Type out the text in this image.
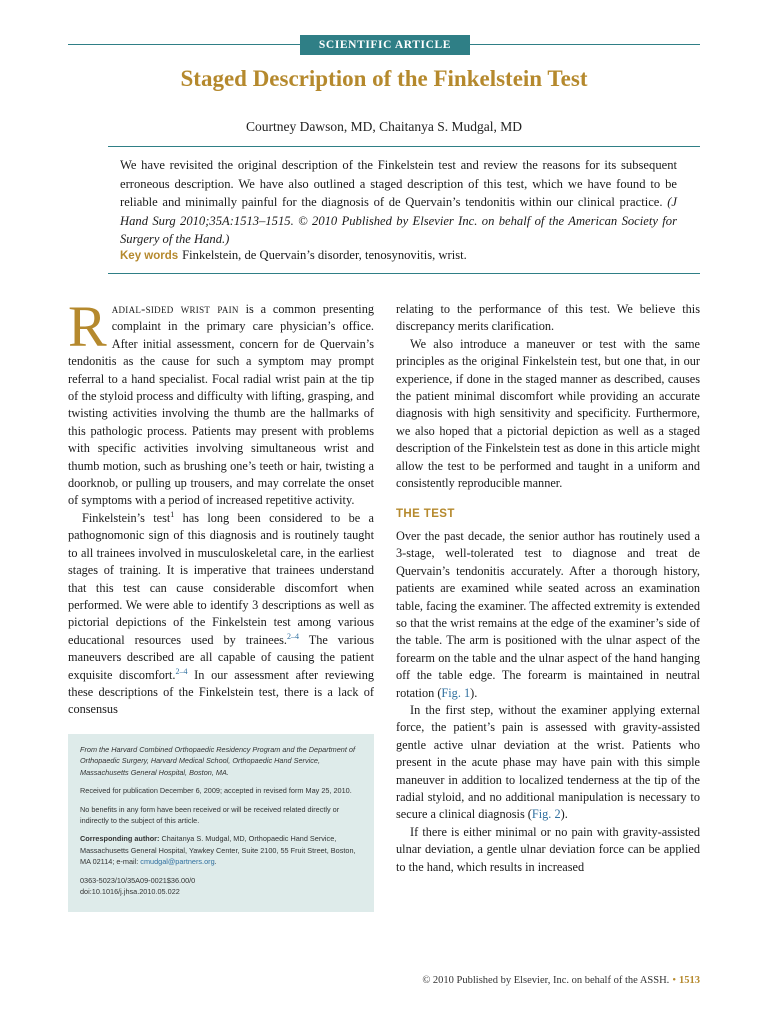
SCIENTIFIC ARTICLE
Staged Description of the Finkelstein Test
Courtney Dawson, MD, Chaitanya S. Mudgal, MD

We have revisited the original description of the Finkelstein test and review the reasons for its subsequent erroneous description. We have also outlined a staged description of this test, which we have found to be reliable and minimally painful for the diagnosis of de Quervain’s tendonitis within our clinical practice. (J Hand Surg 2010;35A:1513–1515. © 2010 Published by Elsevier Inc. on behalf of the American Society for Surgery of the Hand.)

Key words Finkelstein, de Quervain’s disorder, tenosynovitis, wrist.

Radial-sided wrist pain is a common presenting complaint in the primary care physician’s office. After initial assessment, concern for de Quervain’s tendonitis as the cause for such a symptom may prompt referral to a hand specialist. Focal radial wrist pain at the tip of the styloid process and difficulty with lifting, grasping, and twisting activities involving the thumb are the hallmarks of this pathologic process. Patients may present with problems with specific activities involving simultaneous wrist and thumb motion, such as brushing one’s teeth or hair, twisting a doorknob, or pulling up trousers, and may correlate the onset of symptoms with a period of increased repetitive activity.

Finkelstein’s test$^1$ has long been considered to be a pathognomonic sign of this diagnosis and is routinely taught to all trainees involved in musculoskeletal care, in the earliest stages of training. It is imperative that trainees understand that this test can cause considerable discomfort when performed. We were able to identify 3 descriptions as well as pictorial depictions of the Finkelstein test among various educational resources used by trainees.$^{2-4}$ The various maneuvers described are all capable of causing the patient exquisite discomfort.$^{2-4}$ In our assessment after reviewing these descriptions of the Finkelstein test, there is a lack of consensus

From the Harvard Combined Orthopaedic Residency Program and the Department of Orthopaedic Surgery, Harvard Medical School, Orthopaedic Hand Service, Massachusetts General Hospital, Boston, MA.

Received for publication December 6, 2009; accepted in revised form May 25, 2010.

No benefits in any form have been received or will be received related directly or indirectly to the subject of this article.

Corresponding author: Chaitanya S. Mudgal, MD, Orthopaedic Hand Service, Massachusetts General Hospital, Yawkey Center, Suite 2100, 55 Fruit Street, Boston, MA 02114; e-mail: cmudgal@partners.org.

0363-5023/10/35A09-0021$36.00/0
doi:10.1016/j.jhsa.2010.05.022

relating to the performance of this test. We believe this discrepancy merits clarification.

We also introduce a maneuver or test with the same principles as the original Finkelstein test, but one that, in our experience, if done in the staged manner as described, causes the patient minimal discomfort while providing an accurate diagnosis with high sensitivity and specificity. Furthermore, we also hoped that a pictorial depiction as well as a staged description of the Finkelstein test as done in this article might allow the test to be performed and taught in a uniform and consistently reproducible manner.

THE TEST

Over the past decade, the senior author has routinely used a 3-stage, well-tolerated test to diagnose and treat de Quervain’s tendonitis accurately. After a thorough history, patients are examined while seated across an examination table, facing the examiner. The affected extremity is extended so that the wrist remains at the edge of the examiner’s side of the table. The arm is positioned with the ulnar aspect of the forearm on the table and the ulnar aspect of the hand hanging off the table edge. The forearm is maintained in neutral rotation (Fig. 1).

In the first step, without the examiner applying external force, the patient’s pain is assessed with gravity-assisted gentle active ulnar deviation at the wrist. Patients who present in the acute phase may have pain with this simple maneuver in addition to localized tenderness at the tip of the radial styloid, and no additional manipulation is necessary to secure a clinical diagnosis (Fig. 2).

If there is either minimal or no pain with gravity-assisted ulnar deviation, a gentle ulnar deviation force can be applied to the hand, which results in increased

© 2010 Published by Elsevier, Inc. on behalf of the ASSH. • 1513
